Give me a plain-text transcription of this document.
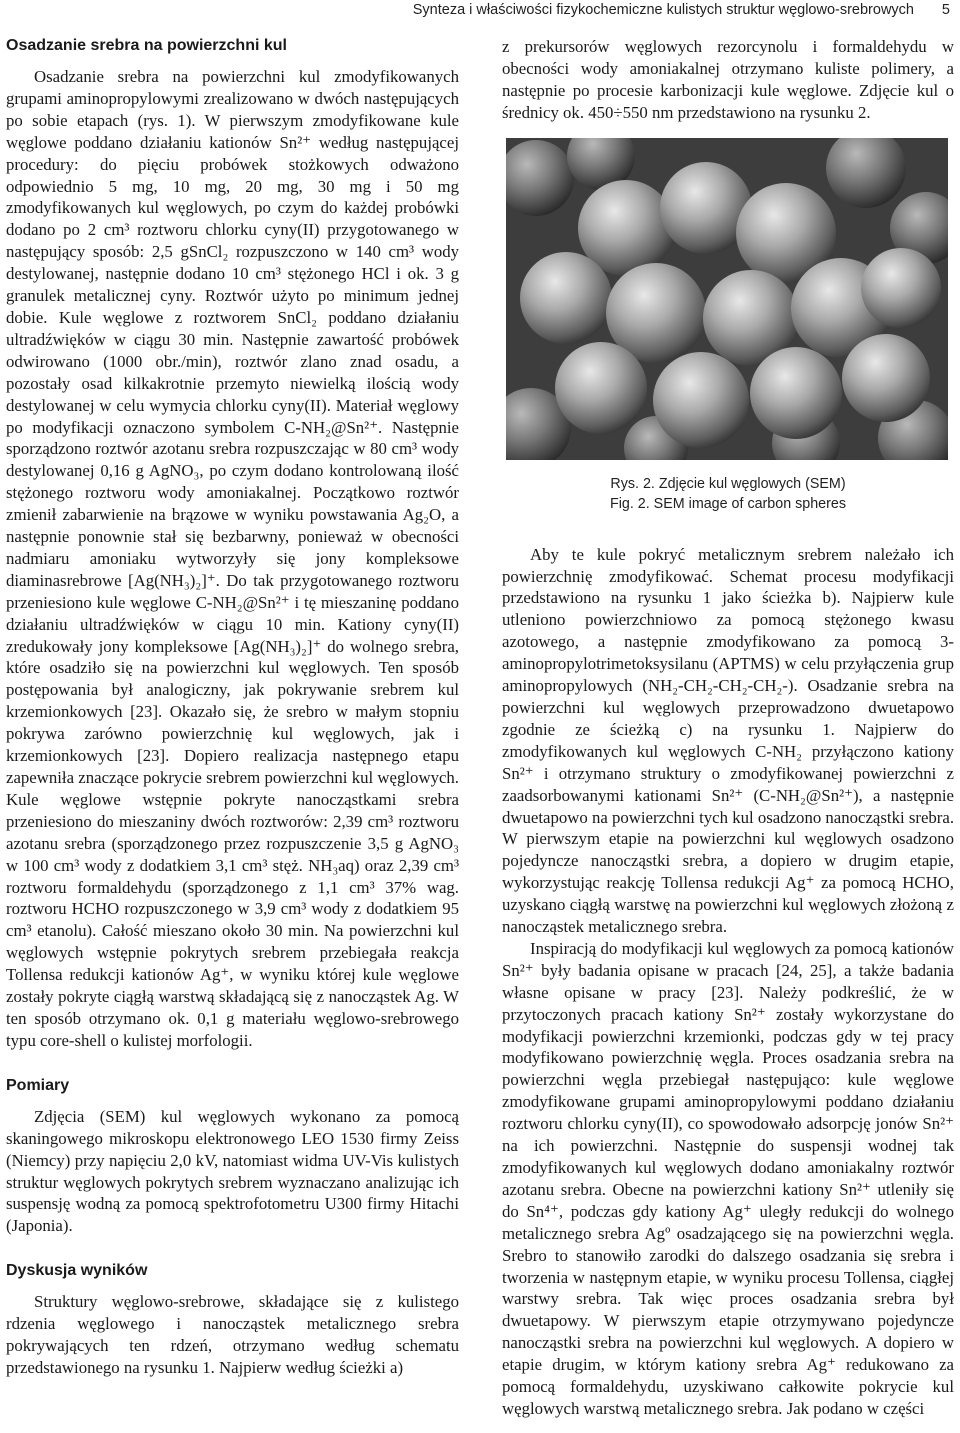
Synteza i właściwości fizykochemiczne kulistych struktur węglowo-srebrowych 5
Osadzanie srebra na powierzchni kul

Osadzanie srebra na powierzchni kul zmodyfikowanych grupami aminopropylowymi zrealizowano w dwóch następujących po sobie etapach (rys. 1). W pierwszym zmodyfikowane kule węglowe poddano działaniu kationów Sn²⁺ według następującej procedury: do pięciu probówek stożkowych odważono odpowiednio 5 mg, 10 mg, 20 mg, 30 mg i 50 mg zmodyfikowanych kul węglowych, po czym do każdej probówki dodano po 2 cm³ roztworu chlorku cyny(II) przygotowanego w następujący sposób: 2,5 gSnCl₂ rozpuszczono w 140 cm³ wody destylowanej, następnie dodano 10 cm³ stężonego HCl i ok. 3 g granulek metalicznej cyny. Roztwór użyto po minimum jednej dobie. Kule węglowe z roztworem SnCl₂ poddano działaniu ultradźwięków w ciągu 30 min. Następnie zawartość probówek odwirowano (1000 obr./min), roztwór zlano znad osadu, a pozostały osad kilkakrotnie przemyto niewielką ilością wody destylowanej w celu wymycia chlorku cyny(II). Materiał węglowy po modyfikacji oznaczono symbolem C-NH₂@Sn²⁺. Następnie sporządzono roztwór azotanu srebra rozpuszczając w 80 cm³ wody destylowanej 0,16 g AgNO₃, po czym dodano kontrolowaną ilość stężonego roztworu wody amoniakalnej. Początkowo roztwór zmienił zabarwienie na brązowe w wyniku powstawania Ag₂O, a następnie ponownie stał się bezbarwny, ponieważ w obecności nadmiaru amoniaku wytworzyły się jony kompleksowe diaminasrebrowe [Ag(NH₃)₂]⁺. Do tak przygotowanego roztworu przeniesiono kule węglowe C-NH₂@Sn²⁺ i tę mieszaninę poddano działaniu ultradźwięków w ciągu 10 min. Kationy cyny(II) zredukowały jony kompleksowe [Ag(NH₃)₂]⁺ do wolnego srebra, które osadziło się na powierzchni kul węglowych. Ten sposób postępowania był analogiczny, jak pokrywanie srebrem kul krzemionkowych [23]. Okazało się, że srebro w małym stopniu pokrywa zarówno powierzchnię kul węglowych, jak i krzemionkowych [23]. Dopiero realizacja następnego etapu zapewniła znaczące pokrycie srebrem powierzchni kul węglowych. Kule węglowe wstępnie pokryte nanocząstkami srebra przeniesiono do mieszaniny dwóch roztworów: 2,39 cm³ roztworu azotanu srebra (sporządzonego przez rozpuszczenie 3,5 g AgNO₃ w 100 cm³ wody z dodatkiem 3,1 cm³ stęż. NH₃aq) oraz 2,39 cm³ roztworu formaldehydu (sporządzonego z 1,1 cm³ 37% wag. roztworu HCHO rozpuszczonego w 3,9 cm³ wody z dodatkiem 95 cm³ etanolu). Całość mieszano około 30 min. Na powierzchni kul węglowych wstępnie pokrytych srebrem przebiegała reakcja Tollensa redukcji kationów Ag⁺, w wyniku której kule węglowe zostały pokryte ciągłą warstwą składającą się z nanocząstek Ag. W ten sposób otrzymano ok. 0,1 g materiału węglowo-srebrowego typu core-shell o kulistej morfologii.

Pomiary

Zdjęcia (SEM) kul węglowych wykonano za pomocą skaningowego mikroskopu elektronowego LEO 1530 firmy Zeiss (Niemcy) przy napięciu 2,0 kV, natomiast widma UV-Vis kulistych struktur węglowych pokrytych srebrem wyznaczano analizując ich suspensję wodną za pomocą spektrofotometru U300 firmy Hitachi (Japonia).

Dyskusja wyników

Struktury węglowo-srebrowe, składające się z kulistego rdzenia węglowego i nanocząstek metalicznego srebra pokrywających ten rdzeń, otrzymano według schematu przedstawionego na rysunku 1. Najpierw według ścieżki a)

z prekursorów węglowych rezorcynolu i formaldehydu w obecności wody amoniakalnej otrzymano kuliste polimery, a następnie po procesie karbonizacji kule węglowe. Zdjęcie kul o średnicy ok. 450÷550 nm przedstawiono na rysunku 2.

Rys. 2. Zdjęcie kul węglowych (SEM)
Fig. 2. SEM image of carbon spheres

Aby te kule pokryć metalicznym srebrem należało ich powierzchnię zmodyfikować. Schemat procesu modyfikacji przedstawiono na rysunku 1 jako ścieżka b). Najpierw kule utleniono powierzchniowo za pomocą stężonego kwasu azotowego, a następnie zmodyfikowano za pomocą 3-aminopropylotrimetoksysilanu (APTMS) w celu przyłączenia grup aminopropylowych (NH₂-CH₂-CH₂-CH₂-). Osadzanie srebra na powierzchni kul węglowych przeprowadzono dwuetapowo zgodnie ze ścieżką c) na rysunku 1. Najpierw do zmodyfikowanych kul węglowych C-NH₂ przyłączono kationy Sn²⁺ i otrzymano struktury o zmodyfikowanej powierzchni z zaadsorbowanymi kationami Sn²⁺ (C-NH₂@Sn²⁺), a następnie dwuetapowo na powierzchni tych kul osadzono nanocząstki srebra. W pierwszym etapie na powierzchni kul węglowych osadzono pojedyncze nanocząstki srebra, a dopiero w drugim etapie, wykorzystując reakcję Tollensa redukcji Ag⁺ za pomocą HCHO, uzyskano ciągłą warstwę na powierzchni kul węglowych złożoną z nanocząstek metalicznego srebra.

Inspiracją do modyfikacji kul węglowych za pomocą kationów Sn²⁺ były badania opisane w pracach [24, 25], a także badania własne opisane w pracy [23]. Należy podkreślić, że w przytoczonych pracach kationy Sn²⁺ zostały wykorzystane do modyfikacji powierzchni krzemionki, podczas gdy w tej pracy modyfikowano powierzchnię węgla. Proces osadzania srebra na powierzchni węgla przebiegał następująco: kule węglowe zmodyfikowane grupami aminopropylowymi poddano działaniu roztworu chlorku cyny(II), co spowodowało adsorpcję jonów Sn²⁺ na ich powierzchni. Następnie do suspensji wodnej tak zmodyfikowanych kul węglowych dodano amoniakalny roztwór azotanu srebra. Obecne na powierzchni kationy Sn²⁺ utleniły się do Sn⁴⁺, podczas gdy kationy Ag⁺ uległy redukcji do wolnego metalicznego srebra Agº osadzającego się na powierzchni węgla. Srebro to stanowiło zarodki do dalszego osadzania się srebra i tworzenia w następnym etapie, w wyniku procesu Tollensa, ciągłej warstwy srebra. Tak więc proces osadzania srebra był dwuetapowy. W pierwszym etapie otrzymywano pojedyncze nanocząstki srebra na powierzchni kul węglowych. A dopiero w etapie drugim, w którym kationy srebra Ag⁺ redukowano za pomocą formaldehydu, uzyskiwano całkowite pokrycie kul węglowych warstwą metalicznego srebra. Jak podano w części
